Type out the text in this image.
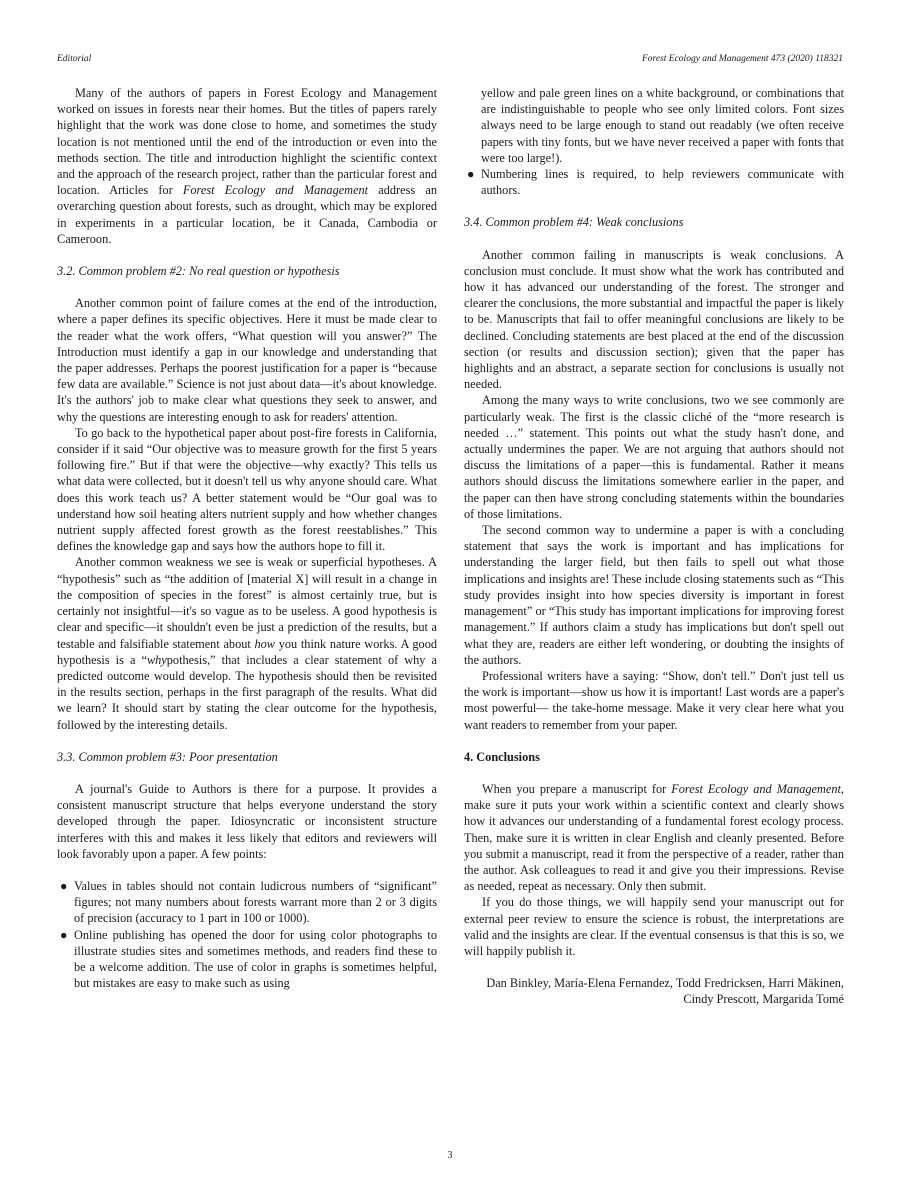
Editorial	Forest Ecology and Management 473 (2020) 118321

Many of the authors of papers in Forest Ecology and Management worked on issues in forests near their homes. But the titles of papers rarely highlight that the work was done close to home, and sometimes the study location is not mentioned until the end of the introduction or even into the methods section. The title and introduction highlight the scientific context and the approach of the research project, rather than the particular forest and location. Articles for Forest Ecology and Management address an overarching question about forests, such as drought, which may be explored in experiments in a particular location, be it Canada, Cambodia or Cameroon.

3.2. Common problem #2: No real question or hypothesis

Another common point of failure comes at the end of the introduction, where a paper defines its specific objectives. Here it must be made clear to the reader what the work offers, “What question will you answer?” The Introduction must identify a gap in our knowledge and understanding that the paper addresses. Perhaps the poorest justification for a paper is “because few data are available.” Science is not just about data—it's about knowledge. It's the authors' job to make clear what questions they seek to answer, and why the questions are interesting enough to ask for readers' attention.

To go back to the hypothetical paper about post-fire forests in California, consider if it said “Our objective was to measure growth for the first 5 years following fire.” But if that were the objective—why exactly? This tells us what data were collected, but it doesn't tell us why anyone should care. What does this work teach us? A better statement would be “Our goal was to understand how soil heating alters nutrient supply and how whether changes nutrient supply affected forest growth as the forest reestablishes.” This defines the knowledge gap and says how the authors hope to fill it.

Another common weakness we see is weak or superficial hypotheses. A “hypothesis” such as “the addition of [material X] will result in a change in the composition of species in the forest” is almost certainly true, but is certainly not insightful—it's so vague as to be useless. A good hypothesis is clear and specific—it shouldn't even be just a prediction of the results, but a testable and falsifiable statement about how you think nature works. A good hypothesis is a “whypothesis,” that includes a clear statement of why a predicted outcome would develop. The hypothesis should then be revisited in the results section, perhaps in the first paragraph of the results. What did we learn? It should start by stating the clear outcome for the hypothesis, followed by the interesting details.

3.3. Common problem #3: Poor presentation

A journal's Guide to Authors is there for a purpose. It provides a consistent manuscript structure that helps everyone understand the story developed through the paper. Idiosyncratic or inconsistent structure interferes with this and makes it less likely that editors and reviewers will look favorably upon a paper. A few points:

● Values in tables should not contain ludicrous numbers of “significant” figures; not many numbers about forests warrant more than 2 or 3 digits of precision (accuracy to 1 part in 100 or 1000).
● Online publishing has opened the door for using color photographs to illustrate studies sites and sometimes methods, and readers find these to be a welcome addition. The use of color in graphs is sometimes helpful, but mistakes are easy to make such as using
yellow and pale green lines on a white background, or combinations that are indistinguishable to people who see only limited colors. Font sizes always need to be large enough to stand out readably (we often receive papers with tiny fonts, but we have never received a paper with fonts that were too large!).
● Numbering lines is required, to help reviewers communicate with authors.
3.4. Common problem #4: Weak conclusions

Another common failing in manuscripts is weak conclusions. A conclusion must conclude. It must show what the work has contributed and how it has advanced our understanding of the forest. The stronger and clearer the conclusions, the more substantial and impactful the paper is likely to be. Manuscripts that fail to offer meaningful conclusions are likely to be declined. Concluding statements are best placed at the end of the discussion section (or results and discussion section); given that the paper has highlights and an abstract, a separate section for conclusions is usually not needed.

Among the many ways to write conclusions, two we see commonly are particularly weak. The first is the classic cliché of the “more research is needed …” statement. This points out what the study hasn't done, and actually undermines the paper. We are not arguing that authors should not discuss the limitations of a paper—this is fundamental. Rather it means authors should discuss the limitations somewhere earlier in the paper, and the paper can then have strong concluding statements within the boundaries of those limitations.

The second common way to undermine a paper is with a concluding statement that says the work is important and has implications for understanding the larger field, but then fails to spell out what those implications and insights are! These include closing statements such as “This study provides insight into how species diversity is important in forest management” or “This study has important implications for improving forest management.” If authors claim a study has implications but don't spell out what they are, readers are either left wondering, or doubting the insights of the authors.

Professional writers have a saying: “Show, don't tell.” Don't just tell us the work is important—show us how it is important! Last words are a paper's most powerful— the take-home message. Make it very clear here what you want readers to remember from your paper.

4. Conclusions

When you prepare a manuscript for Forest Ecology and Management, make sure it puts your work within a scientific context and clearly shows how it advances our understanding of a fundamental forest ecology process. Then, make sure it is written in clear English and cleanly presented. Before you submit a manuscript, read it from the perspective of a reader, rather than the author. Ask colleagues to read it and give you their impressions. Revise as needed, repeat as necessary. Only then submit.

If you do those things, we will happily send your manuscript out for external peer review to ensure the science is robust, the interpretations are valid and the insights are clear. If the eventual consensus is that this is so, we will happily publish it.

Dan Binkley, María-Elena Fernandez, Todd Fredricksen, Harri Mäkinen,

Cindy Prescott, Margarida Tomé

3
